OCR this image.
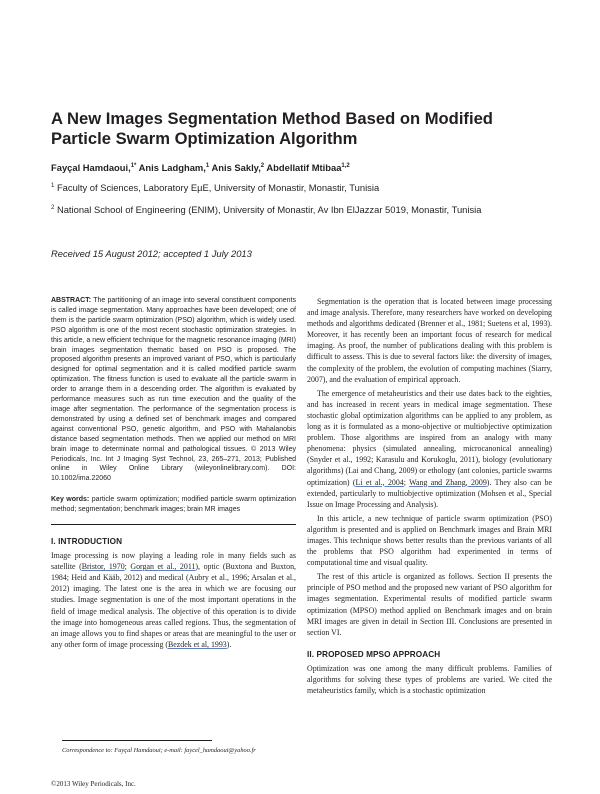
A New Images Segmentation Method Based on Modified Particle Swarm Optimization Algorithm
Fayçal Hamdaoui,$^{1*}$ Anis Ladgham,$^1$ Anis Sakly,$^2$ Abdellatif Mtibaa$^{1,2}$
$^1$ Faculty of Sciences, Laboratory EµE, University of Monastir, Monastir, Tunisia
$^2$ National School of Engineering (ENIM), University of Monastir, Av Ibn ElJazzar 5019, Monastir, Tunisia
Received 15 August 2012; accepted 1 July 2013

ABSTRACT: The partitioning of an image into several constituent components is called image segmentation. Many approaches have been developed; one of them is the particle swarm optimization (PSO) algorithm, which is widely used. PSO algorithm is one of the most recent stochastic optimization strategies. In this article, a new efficient technique for the magnetic resonance imaging (MRI) brain images segmentation thematic based on PSO is proposed. The proposed algorithm presents an improved variant of PSO, which is particularly designed for optimal segmentation and it is called modified particle swarm optimization. The fitness function is used to evaluate all the particle swarm in order to arrange them in a descending order. The algorithm is evaluated by performance measures such as run time execution and the quality of the image after segmentation. The performance of the segmentation process is demonstrated by using a defined set of benchmark images and compared against conventional PSO, genetic algorithm, and PSO with Mahalanobis distance based segmentation methods. Then we applied our method on MRI brain image to determinate normal and pathological tissues. © 2013 Wiley Periodicals, Inc. Int J Imaging Syst Technol, 23, 265–271, 2013; Published online in Wiley Online Library (wileyonlinelibrary.com). DOI: 10.1002/ima.22060

Key words: particle swarm optimization; modified particle swarm optimization method; segmentation; benchmark images; brain MR images

I. INTRODUCTION

Image processing is now playing a leading role in many fields such as satellite (Bristor, 1970; Gorgan et al., 2011), optic (Buxtona and Buxton, 1984; Heid and Kääb, 2012) and medical (Aubry et al., 1996; Arsalan et al., 2012) imaging. The latest one is the area in which we are focusing our studies. Image segmentation is one of the most important operations in the field of image medical analysis. The objective of this operation is to divide the image into homogeneous areas called regions. Thus, the segmentation of an image allows you to find shapes or areas that are meaningful to the user or any other form of image processing (Bezdek et al, 1993).

Correspondence to: Fayçal Hamdaoui; e-mail: faycel_hamdaoui@yahoo.fr

Segmentation is the operation that is located between image processing and image analysis. Therefore, many researchers have worked on developing methods and algorithms dedicated (Brenner et al., 1981; Suetens et al, 1993). Moreover, it has recently been an important focus of research for medical imaging. As proof, the number of publications dealing with this problem is difficult to assess. This is due to several factors like: the diversity of images, the complexity of the problem, the evolution of computing machines (Siarry, 2007), and the evaluation of empirical approach.

The emergence of metaheuristics and their use dates back to the eighties, and has increased in recent years in medical image segmentation. These stochastic global optimization algorithms can be applied to any problem, as long as it is formulated as a mono-objective or multiobjective optimization problem. Those algorithms are inspired from an analogy with many phenomena: physics (simulated annealing, microcanonical annealing) (Snyder et al., 1992; Karasulu and Korukoglu, 2011), biology (evolutionary algorithms) (Lai and Chang, 2009) or ethology (ant colonies, particle swarms optimization) (Li et al., 2004; Wang and Zhang, 2009). They also can be extended, particularly to multiobjective optimization (Mohsen et al., Special Issue on Image Processing and Analysis).

In this article, a new technique of particle swarm optimization (PSO) algorithm is presented and is applied on Benchmark images and Brain MRI images. This technique shows better results than the previous variants of all the problems that PSO algorithm had experimented in terms of computational time and visual quality.

The rest of this article is organized as follows. Section II presents the principle of PSO method and the proposed new variant of PSO algorithm for images segmentation. Experimental results of modified particle swarm optimization (MPSO) method applied on Benchmark images and on brain MRI images are given in detail in Section III. Conclusions are presented in section VI.

II. PROPOSED MPSO APPROACH

Optimization was one among the many difficult problems. Families of algorithms for solving these types of problems are varied. We cited the metaheuristics family, which is a stochastic optimization

©2013 Wiley Periodicals, Inc.
